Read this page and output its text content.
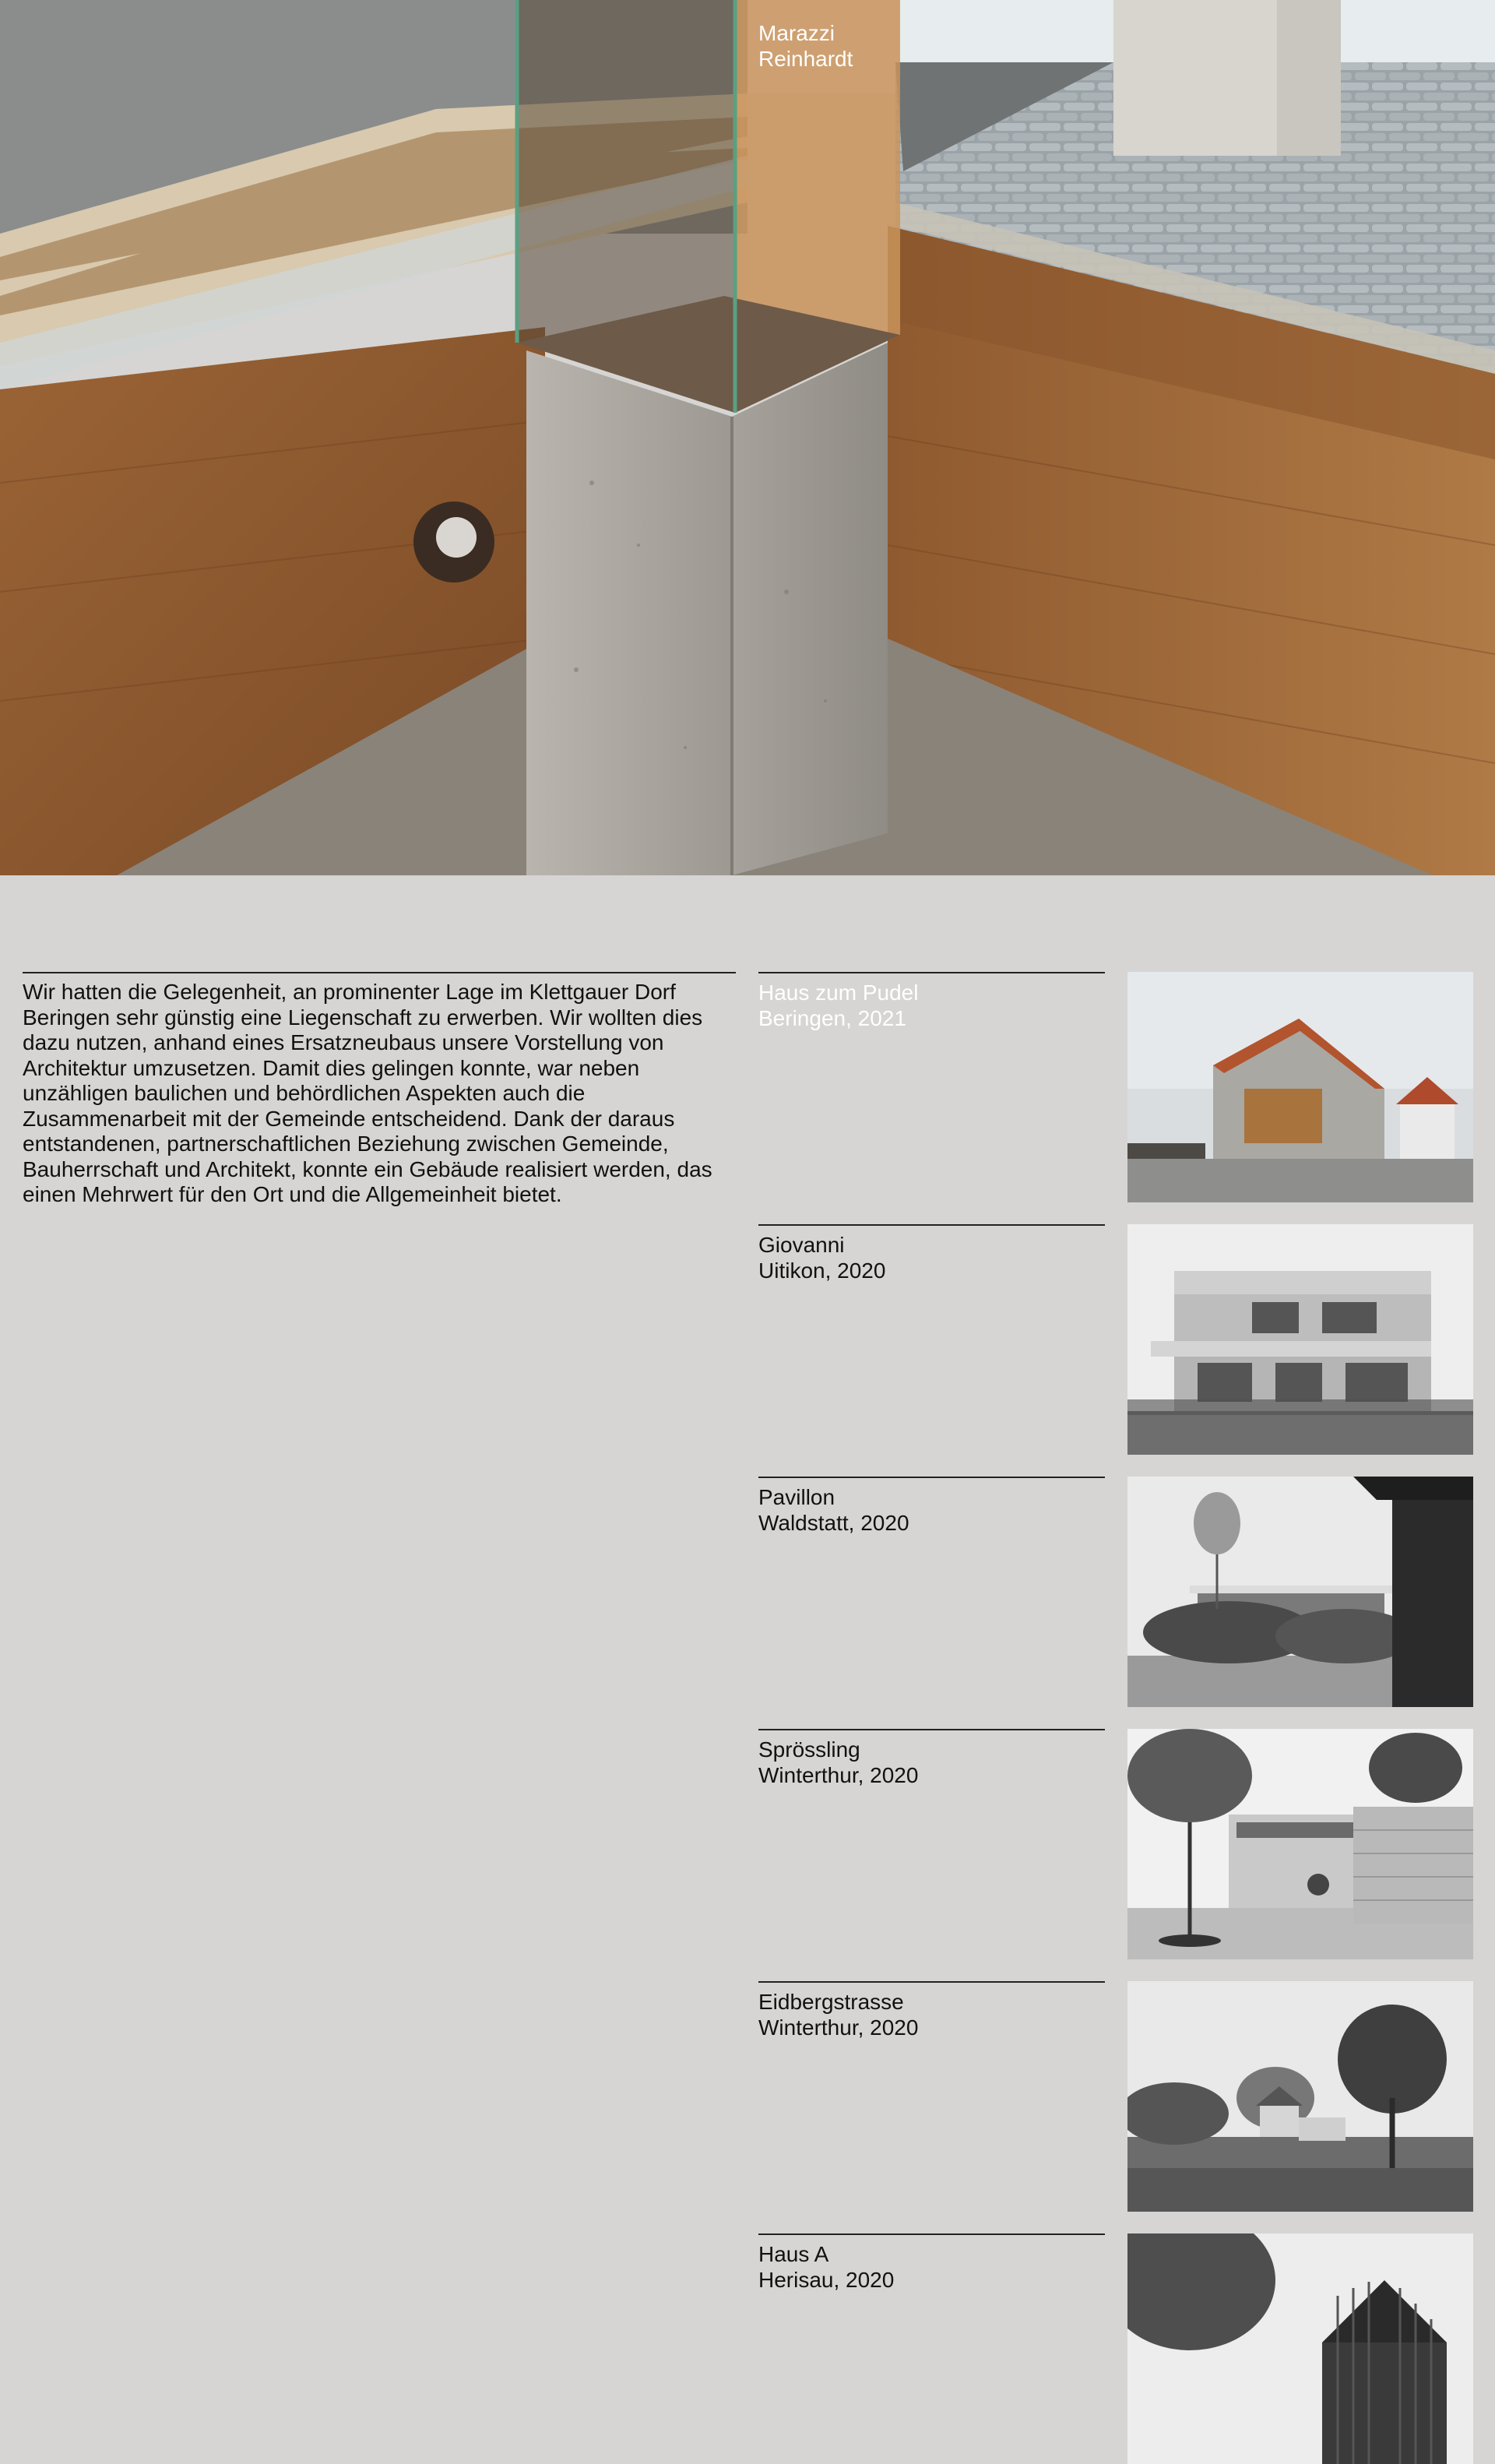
Marazzi
Reinhardt
Wir hatten die Gelegenheit, an prominenter Lage im Klettgauer Dorf Beringen sehr günstig eine Liegenschaft zu erwerben. Wir wollten dies dazu nutzen, anhand eines Ersatzneubaus unsere Vorstellung von Architektur umzusetzen. Damit dies gelingen konnte, war neben unzähligen baulichen und behördlichen Aspekten auch die Zusammenarbeit mit der Gemeinde entscheidend. Dank der daraus entstandenen, partnerschaftlichen Beziehung zwischen Gemeinde, Bauherrschaft und Architekt, konnte ein Gebäude realisiert werden, das einen Mehrwert für den Ort und die Allgemeinheit bietet.
Haus zum Pudel
Beringen, 2021
Giovanni
Uitikon, 2020
Pavillon
Waldstatt, 2020
Sprössling
Winterthur, 2020
Eidbergstrasse
Winterthur, 2020
Haus A
Herisau, 2020
